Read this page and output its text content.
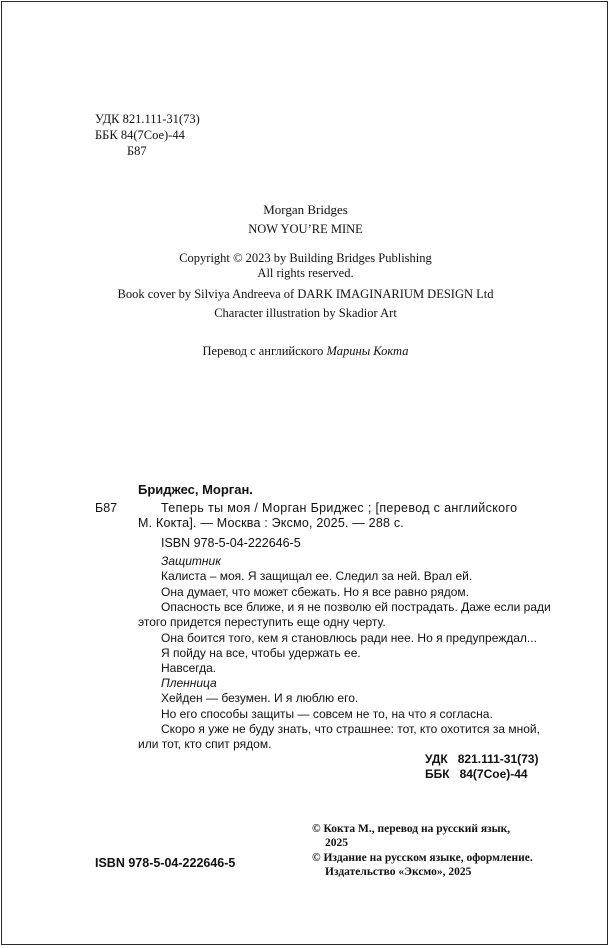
УДК 821.111-31(73)
ББК 84(7Сое)-44
Б87
Morgan Bridges
NOW YOU’RE MINE
Copyright © 2023 by Building Bridges Publishing
All rights reserved.
Book cover by Silviya Andreeva of DARK IMAGINARIUM DESIGN Ltd
Character illustration by Skadior Art
Перевод с английского Марины Кокта
Бриджес, Морган.
Б87	Теперь ты моя / Морган Бриджес ; [перевод с английского
М. Кокта]. — Москва : Эксмо, 2025. — 288 с.
ISBN 978-5-04-222646-5
Защитник
Калиста – моя. Я защищал ее. Следил за ней. Врал ей.
Она думает, что может сбежать. Но я все равно рядом.
Опасность все ближе, и я не позволю ей пострадать. Даже если ради
этого придется переступить еще одну черту.
Она боится того, кем я становлюсь ради нее. Но я предупреждал...
Я пойду на все, чтобы удержать ее.
Навсегда.
Пленница
Хейден — безумен. И я люблю его.
Но его способы защиты — совсем не то, на что я согласна.
Скоро я уже не буду знать, что страшнее: тот, кто охотится за мной,
или тот, кто спит рядом.
УДК 821.111-31(73)
ББК 84(7Сое)-44
© Кокта М., перевод на русский язык,
2025
© Издание на русском языке, оформление.
Издательство «Эксмо», 2025
ISBN 978-5-04-222646-5
